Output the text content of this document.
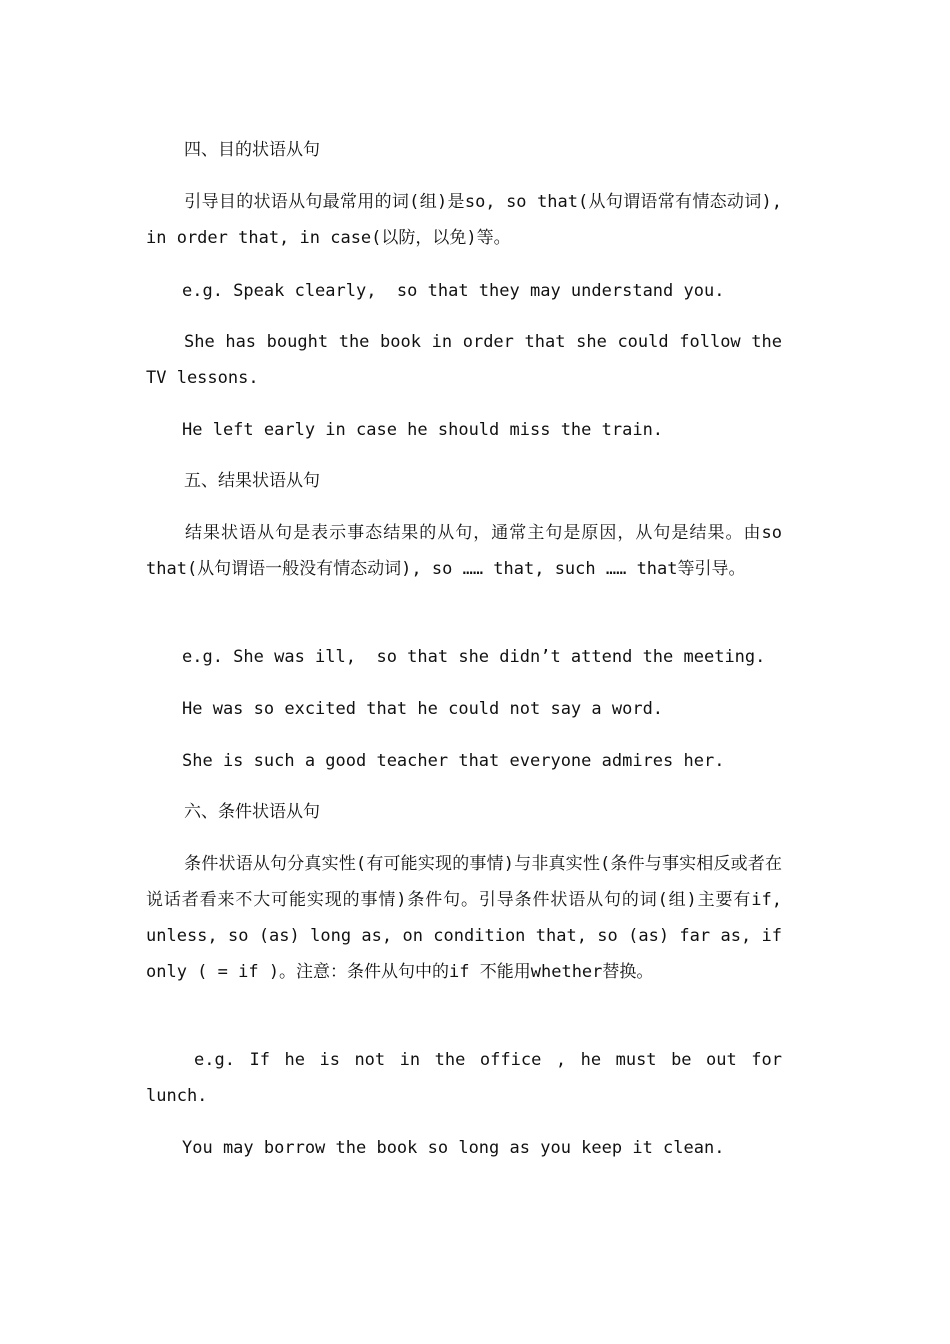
四、目的状语从句
引导目的状语从句最常用的词(组)是so, so that(从句谓语常有情态动词), in order that, in case(以防，以免)等。
e.g. Speak clearly,  so that they may understand you.
She has bought the book in order that she could follow the TV lessons.
He left early in case he should miss the train.
五、结果状语从句
结果状语从句是表示事态结果的从句，通常主句是原因，从句是结果。由so that(从句谓语一般没有情态动词), so …… that, such …… that等引导。
e.g. She was ill,  so that she didn’t attend the meeting.
He was so excited that he could not say a word.
She is such a good teacher that everyone admires her.
六、条件状语从句
条件状语从句分真实性(有可能实现的事情)与非真实性(条件与事实相反或者在说话者看来不大可能实现的事情)条件句。引导条件状语从句的词(组)主要有if, unless, so (as) long as, on condition that, so (as) far as, if only ( = if )。注意：条件从句中的if 不能用whether替换。
e.g. If he is not in the office , he must be out for lunch.
You may borrow the book so long as you keep it clean.
